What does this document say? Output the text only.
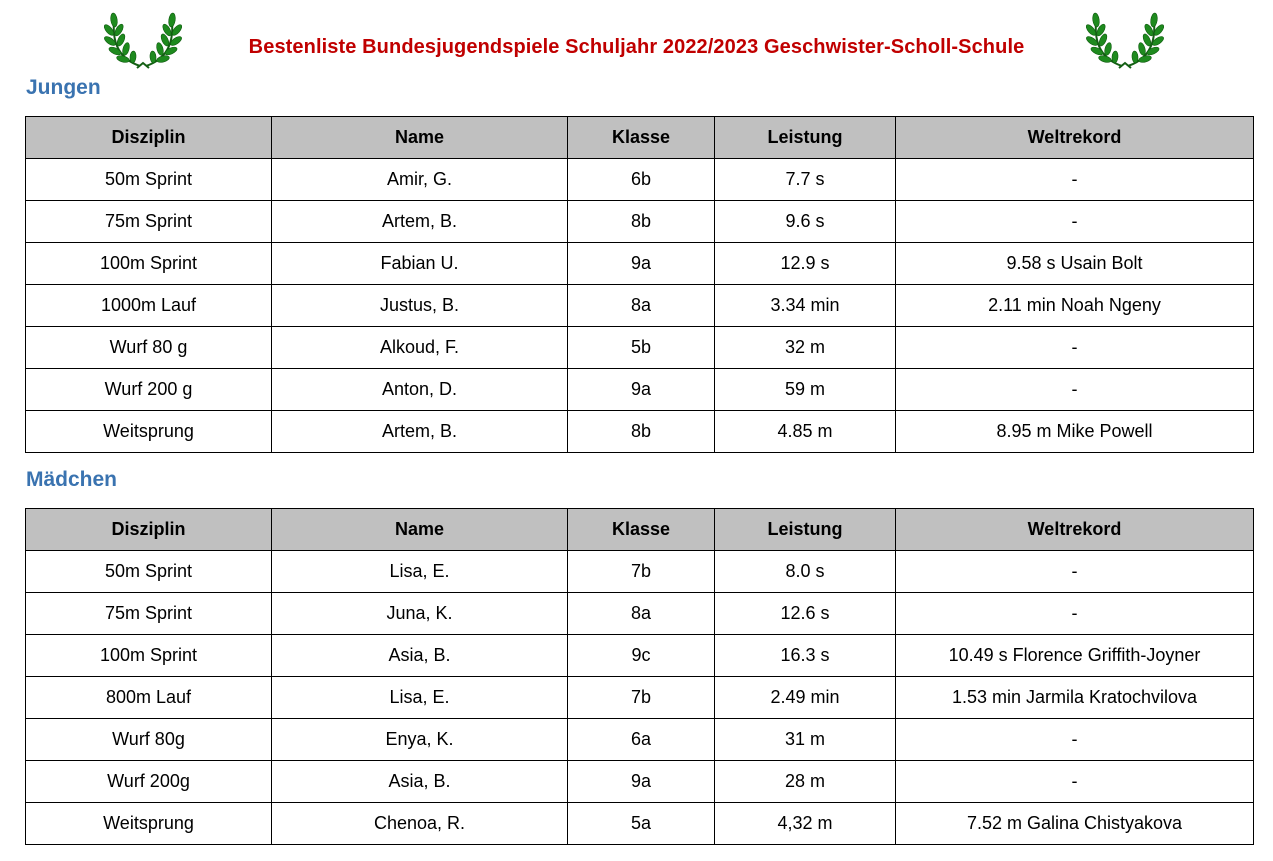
Bestenliste Bundesjugendspiele Schuljahr 2022/2023 Geschwister-Scholl-Schule
Jungen
Disziplin	Name	Klasse	Leistung	Weltrekord
50m Sprint	Amir, G.	6b	7.7 s	-
75m Sprint	Artem, B.	8b	9.6 s	-
100m Sprint	Fabian U.	9a	12.9 s	9.58 s Usain Bolt
1000m Lauf	Justus, B.	8a	3.34 min	2.11 min Noah Ngeny
Wurf 80 g	Alkoud, F.	5b	32 m	-
Wurf 200 g	Anton, D.	9a	59 m	-
Weitsprung	Artem, B.	8b	4.85 m	8.95 m Mike Powell
Mädchen
Disziplin	Name	Klasse	Leistung	Weltrekord
50m Sprint	Lisa, E.	7b	8.0 s	-
75m Sprint	Juna, K.	8a	12.6 s	-
100m Sprint	Asia, B.	9c	16.3 s	10.49 s Florence Griffith-Joyner
800m Lauf	Lisa, E.	7b	2.49 min	1.53 min Jarmila Kratochvilova
Wurf 80g	Enya, K.	6a	31 m	-
Wurf 200g	Asia, B.	9a	28 m	-
Weitsprung	Chenoa, R.	5a	4,32 m	7.52 m Galina Chistyakova
